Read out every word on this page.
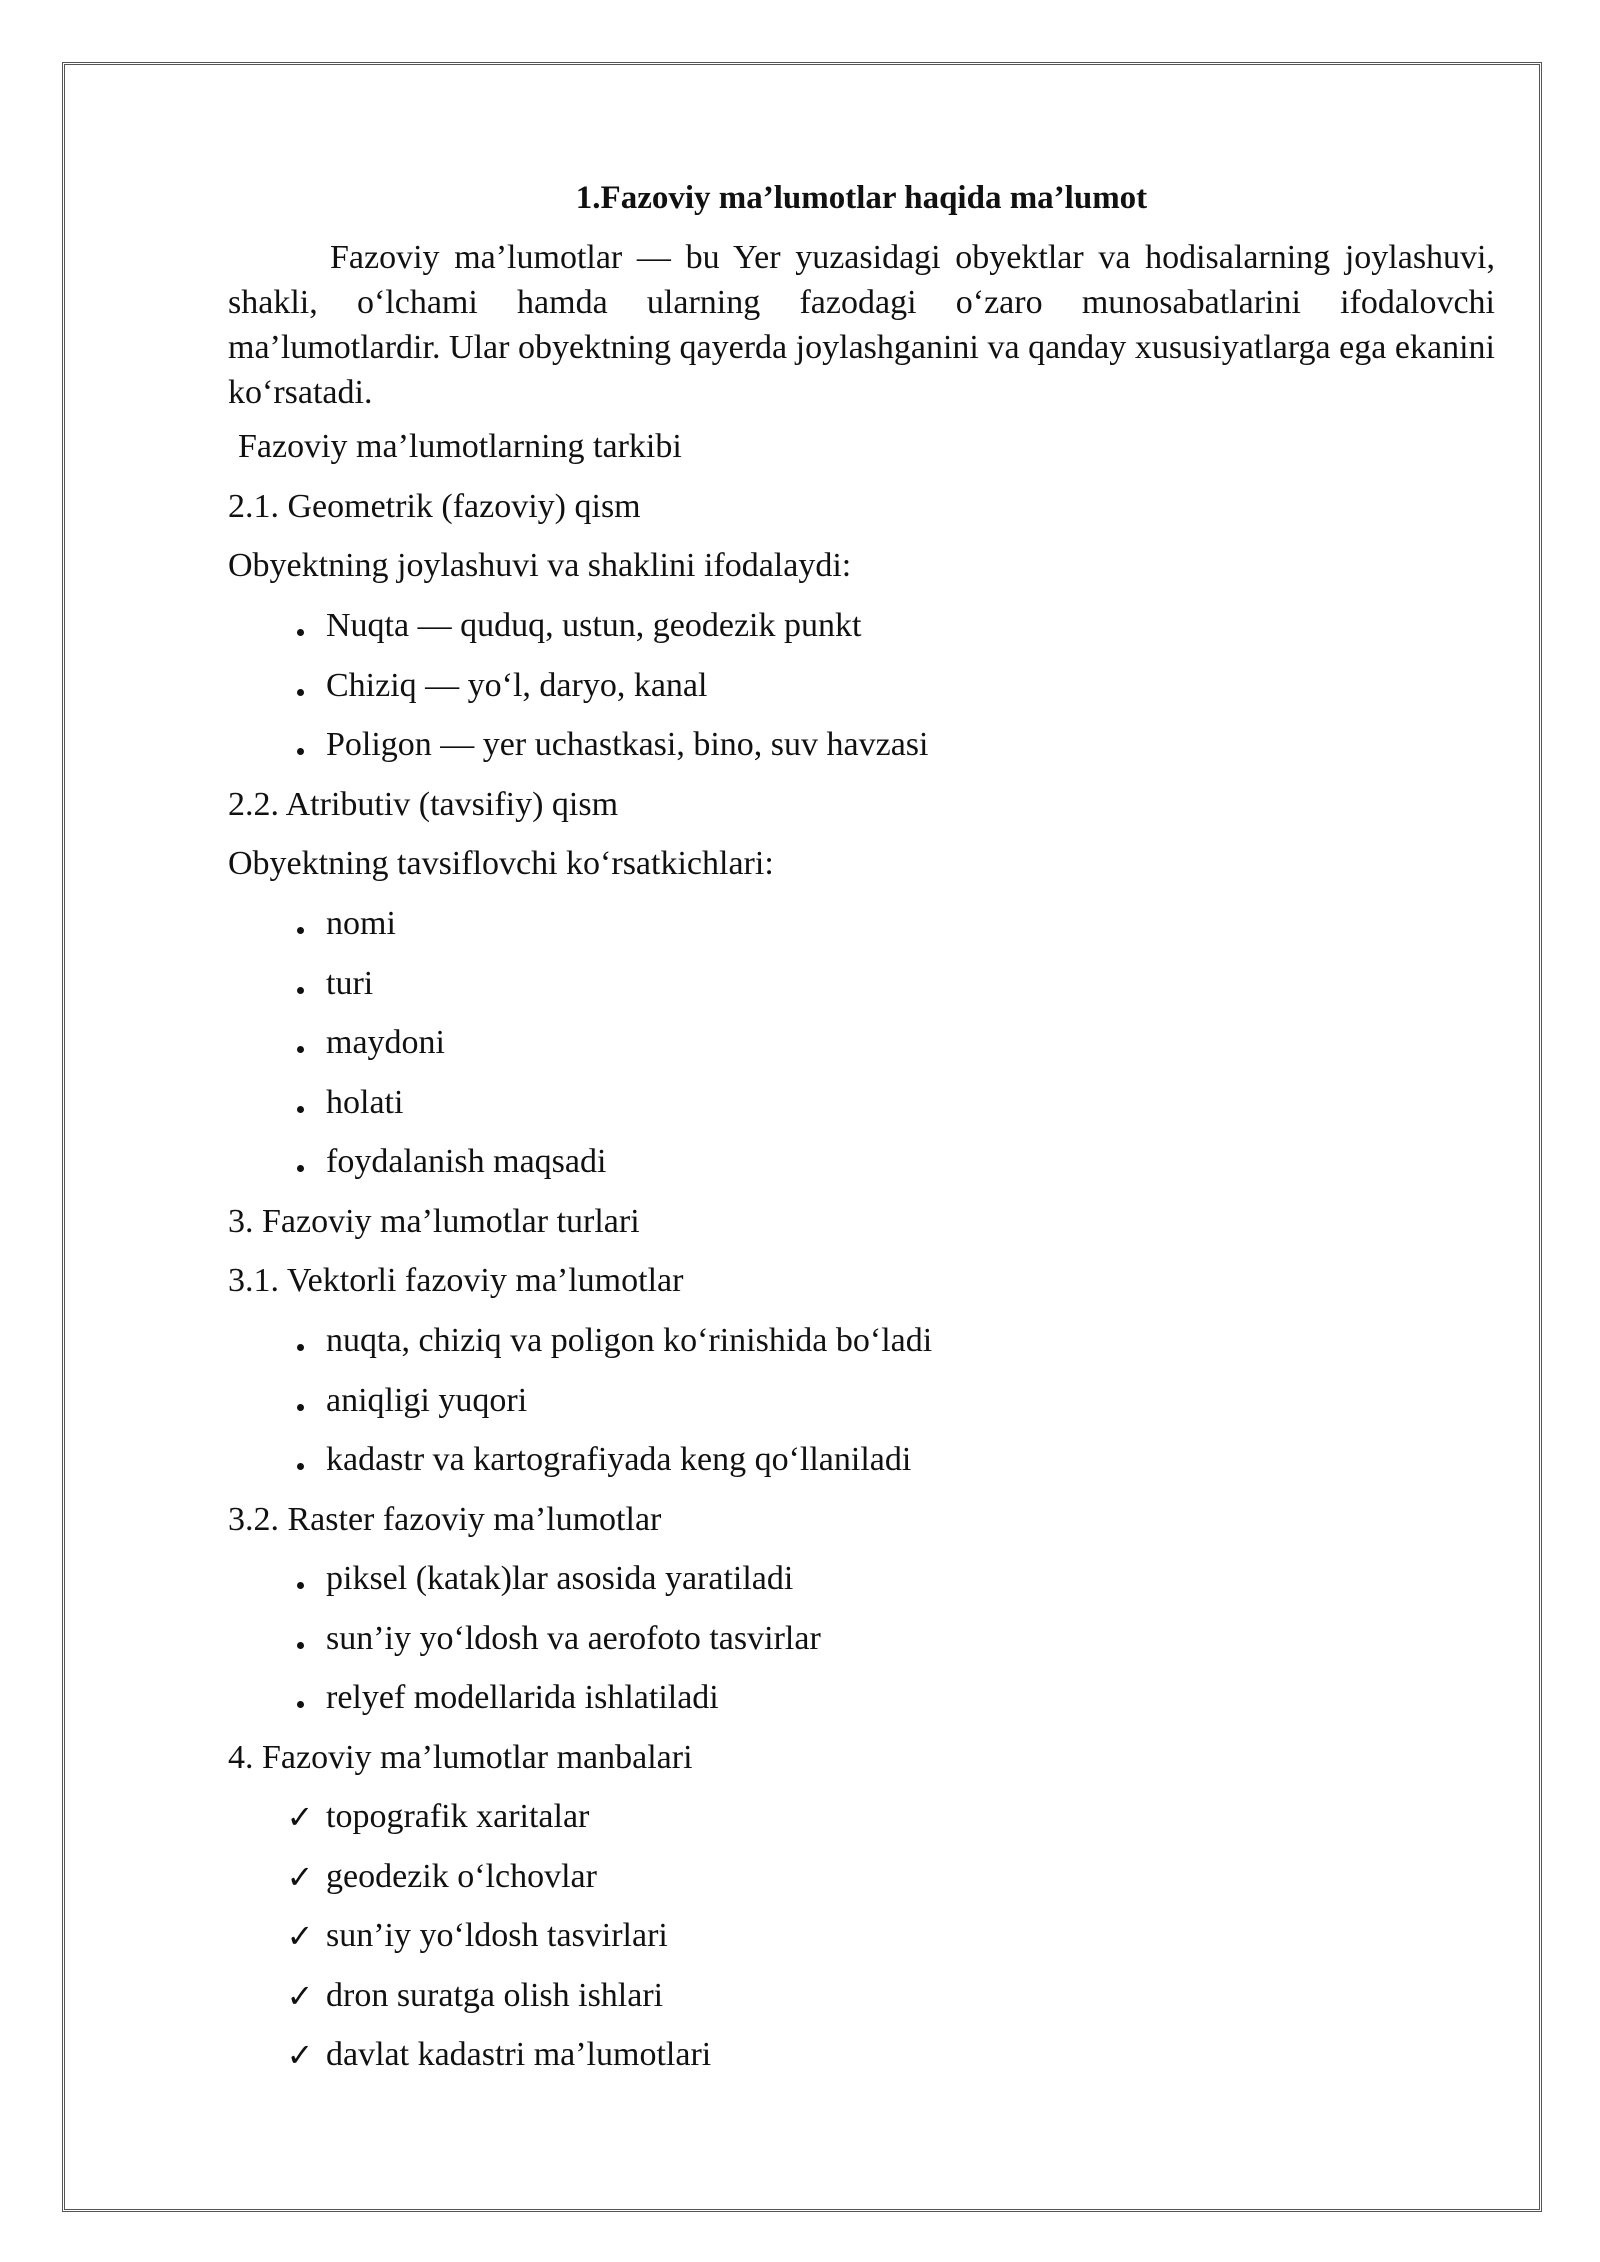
1.Fazoviy ma’lumotlar haqida ma’lumot

Fazoviy ma’lumotlar — bu Yer yuzasidagi obyektlar va hodisalarning joylashuvi, shakli, o‘lchami hamda ularning fazodagi o‘zaro munosabatlarini ifodalovchi ma’lumotlardir. Ular obyektning qayerda joylashganini va qanday xususiyatlarga ega ekanini ko‘rsatadi.

Fazoviy ma’lumotlarning tarkibi
2.1. Geometrik (fazoviy) qism
Obyektning joylashuvi va shaklini ifodalaydi:
Nuqta — quduq, ustun, geodezik punkt
Chiziq — yo‘l, daryo, kanal
Poligon — yer uchastkasi, bino, suv havzasi
2.2. Atributiv (tavsifiy) qism
Obyektning tavsiflovchi ko‘rsatkichlari:
nomi
turi
maydoni
holati
foydalanish maqsadi
3. Fazoviy ma’lumotlar turlari
3.1. Vektorli fazoviy ma’lumotlar
nuqta, chiziq va poligon ko‘rinishida bo‘ladi
aniqligi yuqori
kadastr va kartografiyada keng qo‘llaniladi
3.2. Raster fazoviy ma’lumotlar
piksel (katak)lar asosida yaratiladi
sun’iy yo‘ldosh va aerofoto tasvirlar
relyef modellarida ishlatiladi
4. Fazoviy ma’lumotlar manbalari
✓ topografik xaritalar
✓ geodezik o‘lchovlar
✓ sun’iy yo‘ldosh tasvirlari
✓ dron suratga olish ishlari
✓ davlat kadastri ma’lumotlari
